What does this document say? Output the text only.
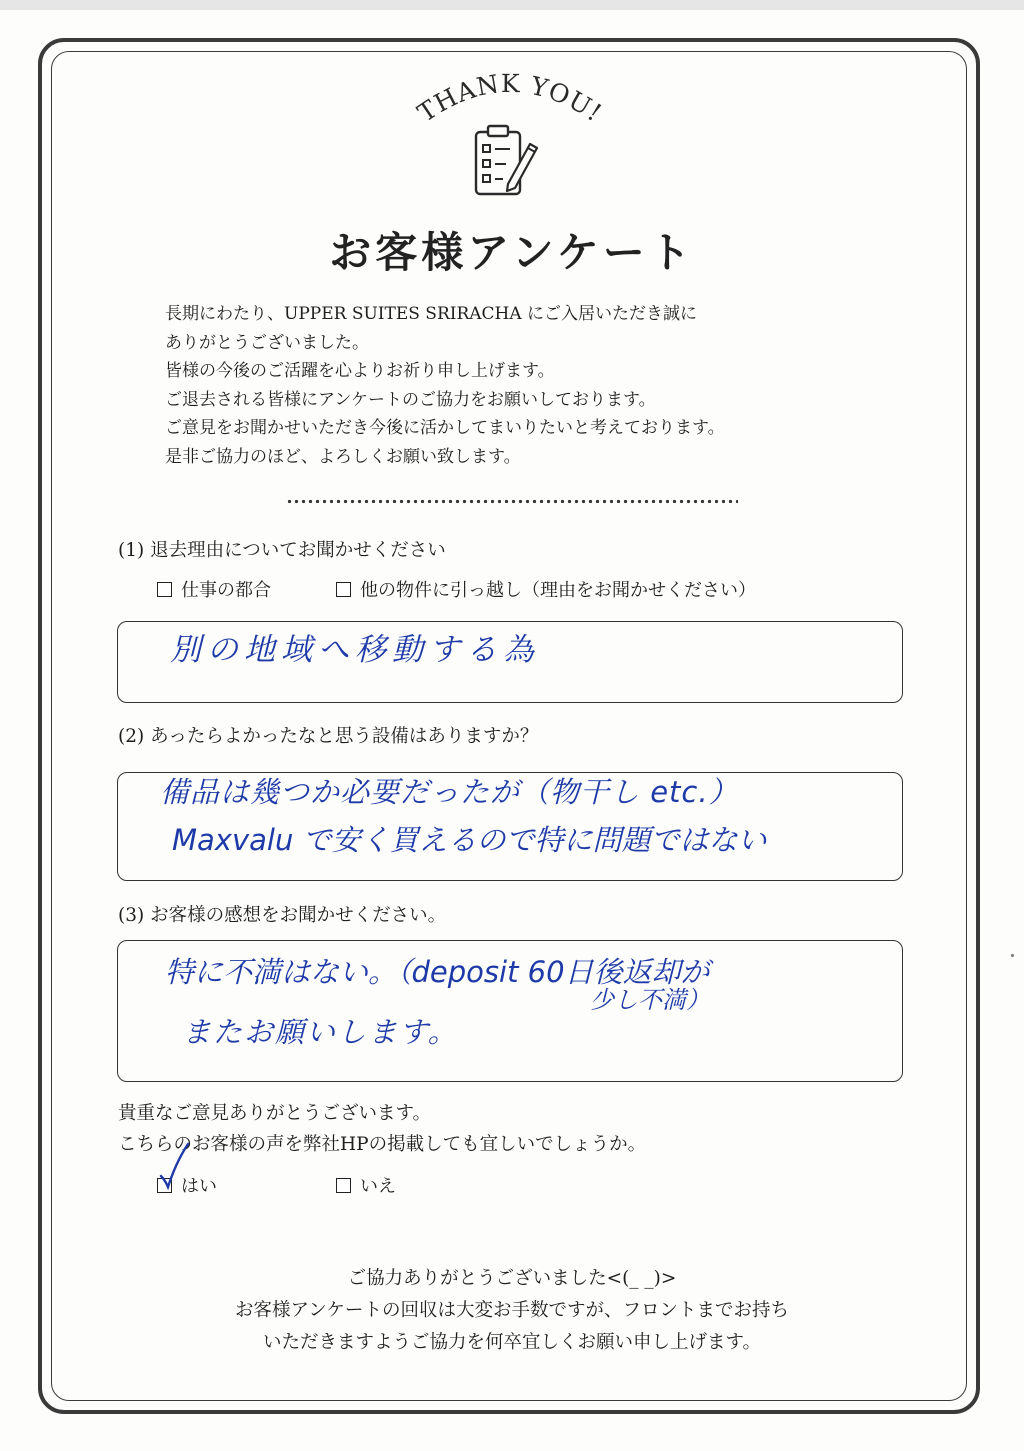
THANK YOU!
お客様アンケート
長期にわたり、UPPER SUITES SRIRACHA にご入居いただき誠に
ありがとうございました。
皆様の今後のご活躍を心よりお祈り申し上げます。
ご退去される皆様にアンケートのご協力をお願いしております。
ご意見をお聞かせいただき今後に活かしてまいりたいと考えております。
是非ご協力のほど、よろしくお願い致します。
(1) 退去理由についてお聞かせください
仕事の都合	他の物件に引っ越し（理由をお聞かせください）
別の地域へ移動する為
(2) あったらよかったなと思う設備はありますか？
備品は幾つか必要だったが（物干し etc.）
Maxvalu で安く買えるので特に問題ではない
(3) お客様の感想をお聞かせください。
特に不満はない。（deposit 60日後返却が
少し不満）
またお願いします。
貴重なご意見ありがとうございます。
こちらのお客様の声を弊社HPの掲載しても宜しいでしょうか。
はい	いえ
ご協力ありがとうございました<(_ _)>
お客様アンケートの回収は大変お手数ですが、フロントまでお持ち
いただきますようご協力を何卒宜しくお願い申し上げます。
